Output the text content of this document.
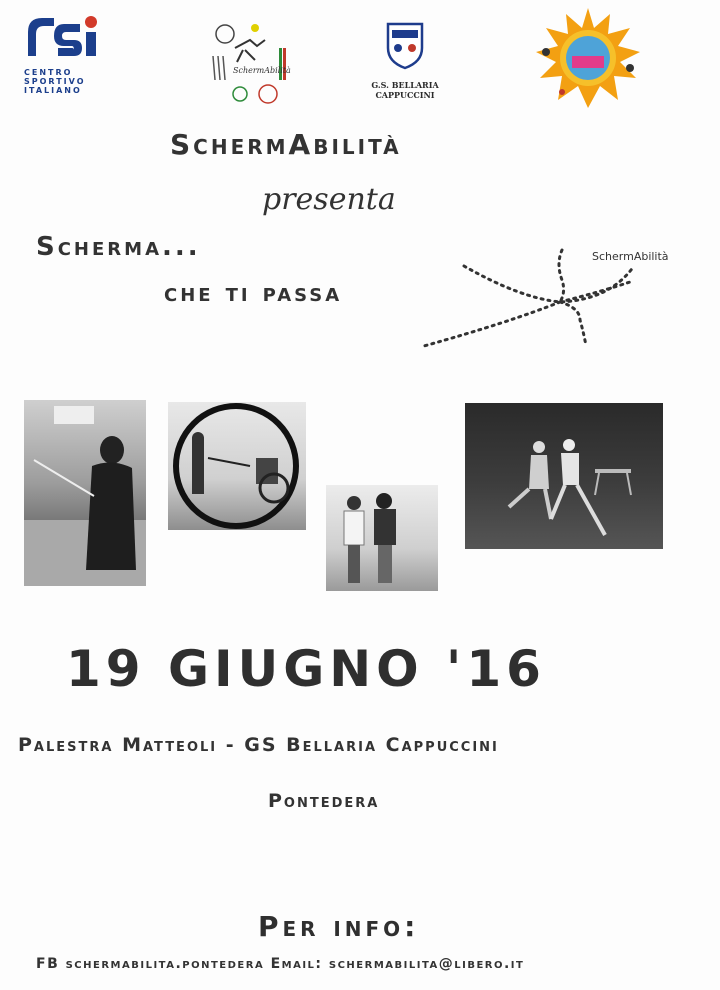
CENTRO
SPORTIVO
ITALIANO
SchermAbilità
G.S. BELLARIA
CAPPUCCINI
SchermAbilità
presenta
Scherma...
che ti passa
SchermAbilità
19 GIUGNO '16
Palestra Matteoli - GS Bellaria Cappuccini
Pontedera
Per info:
FB schermabilita.pontedera Email: schermabilita@libero.it
